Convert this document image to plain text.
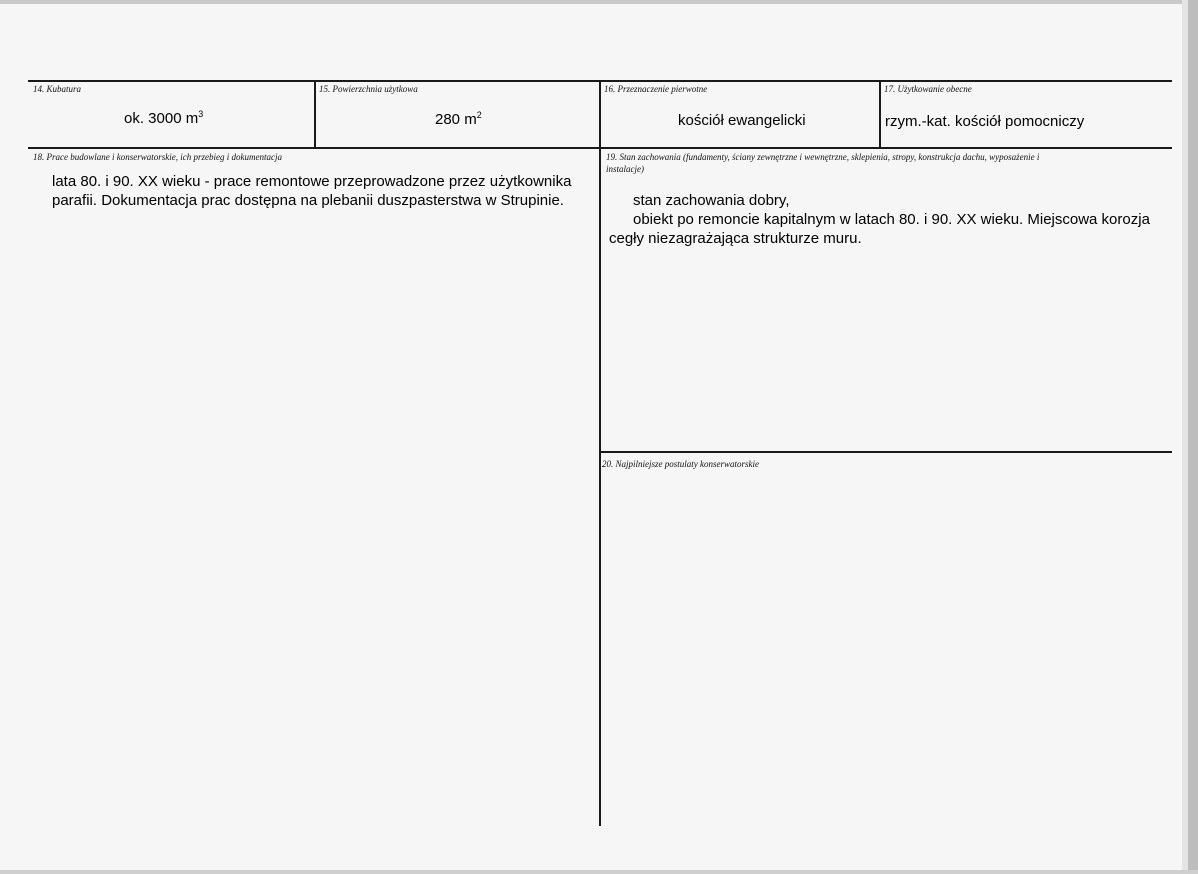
14. Kubatura
ok. 3000 $m^3$
15. Powierzchnia użytkowa
280 $m^2$
16. Przeznaczenie pierwotne
kościół ewangelicki
17. Użytkowanie obecne
rzym.-kat. kościół pomocniczy
18. Prace budowlane i konserwatorskie, ich przebieg i dokumentacja
lata 80. i 90. XX wieku - prace remontowe przeprowadzone przez użytkownika
parafii. Dokumentacja prac dostępna na plebanii duszpasterstwa w Strupinie.
19. Stan zachowania (fundamenty, ściany zewnętrzne i wewnętrzne, sklepienia, stropy, konstrukcja dachu, wyposażenie i
instalacje)
stan zachowania dobry,
obiekt po remoncie kapitalnym w latach 80. i 90. XX wieku. Miejscowa korozja
cegły niezagrażająca strukturze muru.
20. Najpilniejsze postulaty konserwatorskie
